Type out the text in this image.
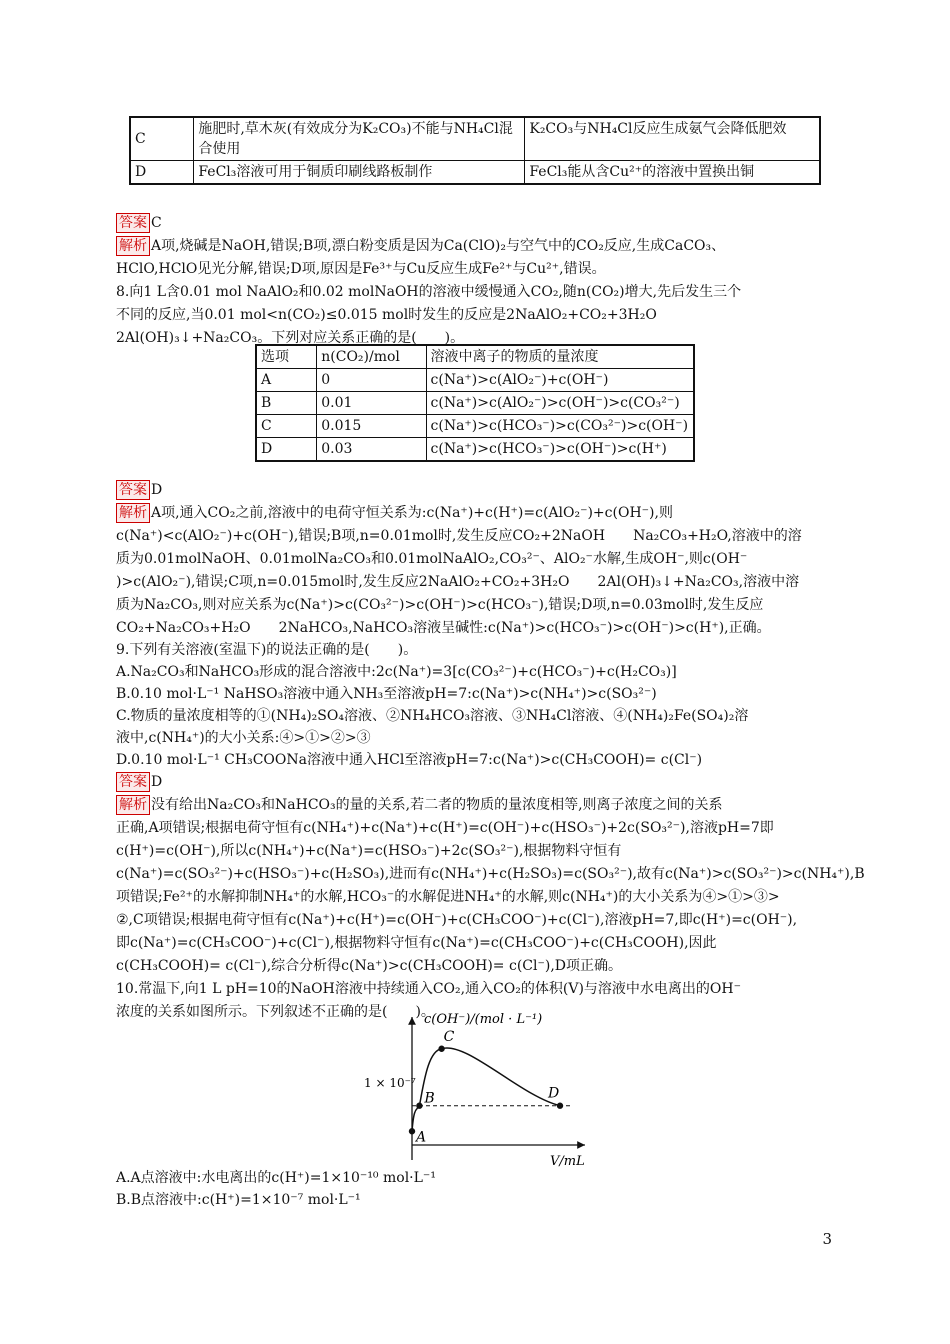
C	施肥时,草木灰(有效成分为K₂CO₃)不能与NH₄Cl混合使用	K₂CO₃与NH₄Cl反应生成氨气会降低肥效
D	FeCl₃溶液可用于铜质印刷线路板制作	FeCl₃能从含Cu²⁺的溶液中置换出铜
答案 C
解析 A项,烧碱是NaOH,错误;B项,漂白粉变质是因为Ca(ClO)₂与空气中的CO₂反应,生成CaCO₃、
HClO,HClO见光分解,错误;D项,原因是Fe³⁺与Cu反应生成Fe²⁺与Cu²⁺,错误。
8.向1 L含0.01 mol NaAlO₂和0.02 molNaOH的溶液中缓慢通入CO₂,随n(CO₂)增大,先后发生三个
不同的反应,当0.01 mol<n(CO₂)≤0.015 mol时发生的反应是2NaAlO₂+CO₂+3H₂O
2Al(OH)₃↓+Na₂CO₃。下列对应关系正确的是(　　)。
选项	n(CO₂)/mol	溶液中离子的物质的量浓度
A	0	c(Na⁺)>c(AlO₂⁻)+c(OH⁻)
B	0.01	c(Na⁺)>c(AlO₂⁻)>c(OH⁻)>c(CO₃²⁻)
C	0.015	c(Na⁺)>c(HCO₃⁻)>c(CO₃²⁻)>c(OH⁻)
D	0.03	c(Na⁺)>c(HCO₃⁻)>c(OH⁻)>c(H⁺)
答案 D
解析 A项,通入CO₂之前,溶液中的电荷守恒关系为:c(Na⁺)+c(H⁺)=c(AlO₂⁻)+c(OH⁻),则
c(Na⁺)<c(AlO₂⁻)+c(OH⁻),错误;B项,n=0.01mol时,发生反应CO₂+2NaOH　　Na₂CO₃+H₂O,溶液中的溶
质为0.01molNaOH、0.01molNa₂CO₃和0.01molNaAlO₂,CO₃²⁻、AlO₂⁻水解,生成OH⁻,则c(OH⁻
)>c(AlO₂⁻),错误;C项,n=0.015mol时,发生反应2NaAlO₂+CO₂+3H₂O　　2Al(OH)₃↓+Na₂CO₃,溶液中溶
质为Na₂CO₃,则对应关系为c(Na⁺)>c(CO₃²⁻)>c(OH⁻)>c(HCO₃⁻),错误;D项,n=0.03mol时,发生反应
CO₂+Na₂CO₃+H₂O　　2NaHCO₃,NaHCO₃溶液呈碱性:c(Na⁺)>c(HCO₃⁻)>c(OH⁻)>c(H⁺),正确。
9.下列有关溶液(室温下)的说法正确的是(　　)。
A.Na₂CO₃和NaHCO₃形成的混合溶液中:2c(Na⁺)=3[c(CO₃²⁻)+c(HCO₃⁻)+c(H₂CO₃)]
B.0.10 mol·L⁻¹ NaHSO₃溶液中通入NH₃至溶液pH=7:c(Na⁺)>c(NH₄⁺)>c(SO₃²⁻)
C.物质的量浓度相等的①(NH₄)₂SO₄溶液、②NH₄HCO₃溶液、③NH₄Cl溶液、④(NH₄)₂Fe(SO₄)₂溶
液中,c(NH₄⁺)的大小关系:④>①>②>③
D.0.10 mol·L⁻¹ CH₃COONa溶液中通入HCl至溶液pH=7:c(Na⁺)>c(CH₃COOH)= c(Cl⁻)
答案 D
解析 没有给出Na₂CO₃和NaHCO₃的量的关系,若二者的物质的量浓度相等,则离子浓度之间的关系
正确,A项错误;根据电荷守恒有c(NH₄⁺)+c(Na⁺)+c(H⁺)=c(OH⁻)+c(HSO₃⁻)+2c(SO₃²⁻),溶液pH=7即
c(H⁺)=c(OH⁻),所以c(NH₄⁺)+c(Na⁺)=c(HSO₃⁻)+2c(SO₃²⁻),根据物料守恒有
c(Na⁺)=c(SO₃²⁻)+c(HSO₃⁻)+c(H₂SO₃),进而有c(NH₄⁺)+c(H₂SO₃)=c(SO₃²⁻),故有c(Na⁺)>c(SO₃²⁻)>c(NH₄⁺),B
项错误;Fe²⁺的水解抑制NH₄⁺的水解,HCO₃⁻的水解促进NH₄⁺的水解,则c(NH₄⁺)的大小关系为④>①>③>
②,C项错误;根据电荷守恒有c(Na⁺)+c(H⁺)=c(OH⁻)+c(CH₃COO⁻)+c(Cl⁻),溶液pH=7,即c(H⁺)=c(OH⁻),
即c(Na⁺)=c(CH₃COO⁻)+c(Cl⁻),根据物料守恒有c(Na⁺)=c(CH₃COO⁻)+c(CH₃COOH),因此
c(CH₃COOH)= c(Cl⁻),综合分析得c(Na⁺)>c(CH₃COOH)= c(Cl⁻),D项正确。
10.常温下,向1 L pH=10的NaOH溶液中持续通入CO₂,通入CO₂的体积(V)与溶液中水电离出的OH⁻
浓度的关系如图所示。下列叙述不正确的是(　　)。
c(OH⁻)/(mol · L⁻¹)
V/mL
1 × 10⁻⁷
A
B
C
D
A.A点溶液中:水电离出的c(H⁺)=1×10⁻¹⁰ mol·L⁻¹
B.B点溶液中:c(H⁺)=1×10⁻⁷ mol·L⁻¹
3
